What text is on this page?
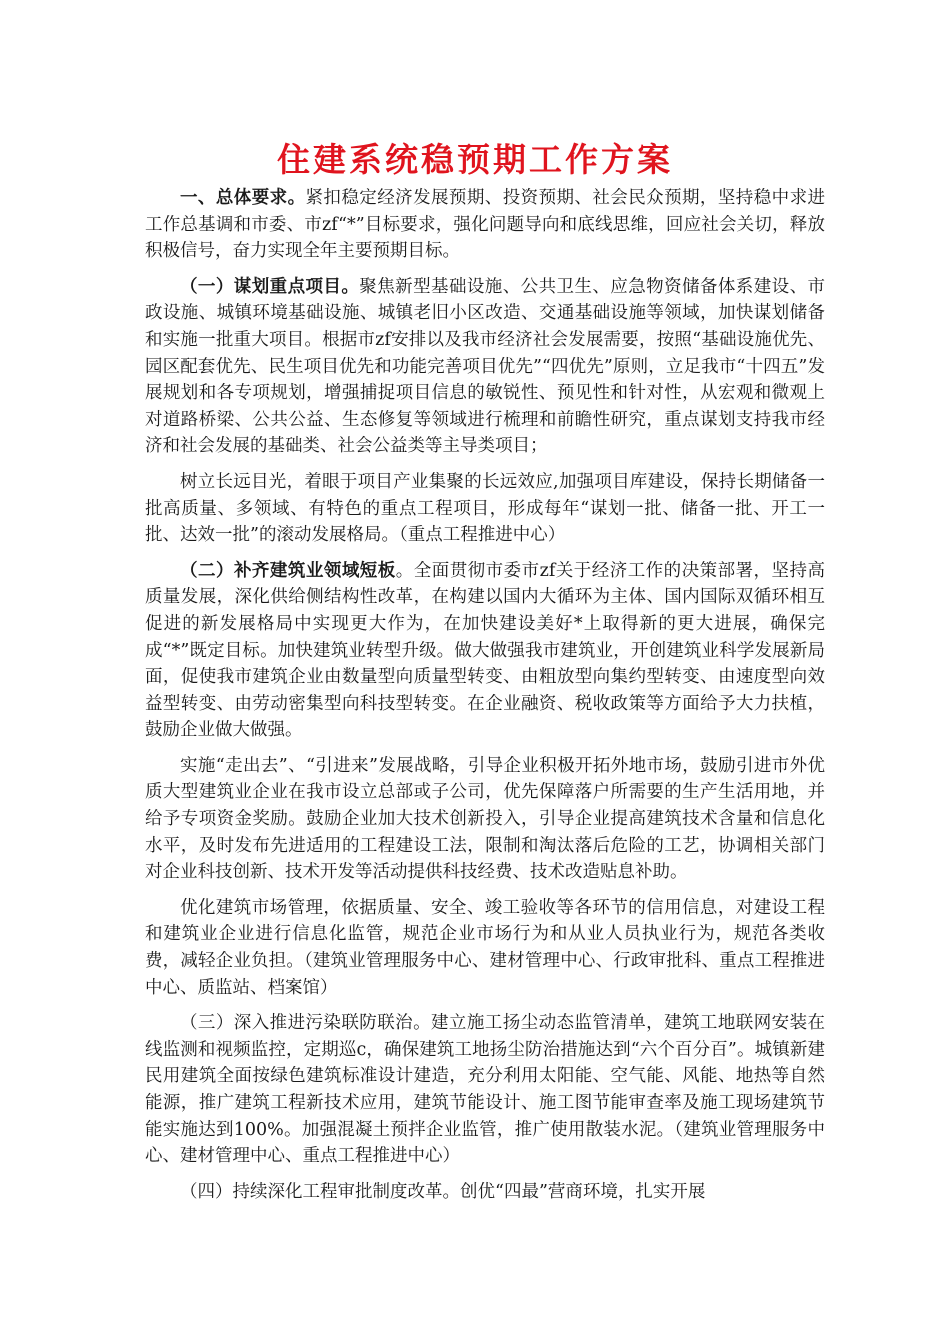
住建系统稳预期工作方案

一、总体要求。紧扣稳定经济发展预期、投资预期、社会民众预期，坚持稳中求进工作总基调和市委、市zf“*”目标要求，强化问题导向和底线思维，回应社会关切，释放积极信号，奋力实现全年主要预期目标。

（一）谋划重点项目。聚焦新型基础设施、公共卫生、应急物资储备体系建设、市政设施、城镇环境基础设施、城镇老旧小区改造、交通基础设施等领域，加快谋划储备和实施一批重大项目。根据市zf安排以及我市经济社会发展需要，按照“基础设施优先、园区配套优先、民生项目优先和功能完善项目优先”“四优先”原则，立足我市“十四五”发展规划和各专项规划，增强捕捉项目信息的敏锐性、预见性和针对性，从宏观和微观上对道路桥梁、公共公益、生态修复等领域进行梳理和前瞻性研究，重点谋划支持我市经济和社会发展的基础类、社会公益类等主导类项目；

树立长远目光，着眼于项目产业集聚的长远效应,加强项目库建设，保持长期储备一批高质量、多领域、有特色的重点工程项目，形成每年“谋划一批、储备一批、开工一批、达效一批”的滚动发展格局。（重点工程推进中心）

（二）补齐建筑业领域短板。全面贯彻市委市zf关于经济工作的决策部署，坚持高质量发展，深化供给侧结构性改革，在构建以国内大循环为主体、国内国际双循环相互促进的新发展格局中实现更大作为，在加快建设美好*上取得新的更大进展，确保完成“*”既定目标。加快建筑业转型升级。做大做强我市建筑业，开创建筑业科学发展新局面，促使我市建筑企业由数量型向质量型转变、由粗放型向集约型转变、由速度型向效益型转变、由劳动密集型向科技型转变。在企业融资、税收政策等方面给予大力扶植，鼓励企业做大做强。

实施“走出去”、“引进来”发展战略，引导企业积极开拓外地市场，鼓励引进市外优质大型建筑业企业在我市设立总部或子公司，优先保障落户所需要的生产生活用地，并给予专项资金奖励。鼓励企业加大技术创新投入，引导企业提高建筑技术含量和信息化水平，及时发布先进适用的工程建设工法，限制和淘汰落后危险的工艺，协调相关部门对企业科技创新、技术开发等活动提供科技经费、技术改造贴息补助。

优化建筑市场管理，依据质量、安全、竣工验收等各环节的信用信息，对建设工程和建筑业企业进行信息化监管，规范企业市场行为和从业人员执业行为，规范各类收费，减轻企业负担。（建筑业管理服务中心、建材管理中心、行政审批科、重点工程推进中心、质监站、档案馆）

（三）深入推进污染联防联治。建立施工扬尘动态监管清单，建筑工地联网安装在线监测和视频监控，定期巡c，确保建筑工地扬尘防治措施达到“六个百分百”。城镇新建民用建筑全面按绿色建筑标准设计建造，充分利用太阳能、空气能、风能、地热等自然能源，推广建筑工程新技术应用，建筑节能设计、施工图节能审查率及施工现场建筑节能实施达到100%。加强混凝土预拌企业监管，推广使用散装水泥。（建筑业管理服务中心、建材管理中心、重点工程推进中心）

（四）持续深化工程审批制度改革。创优“四最”营商环境，扎实开展
